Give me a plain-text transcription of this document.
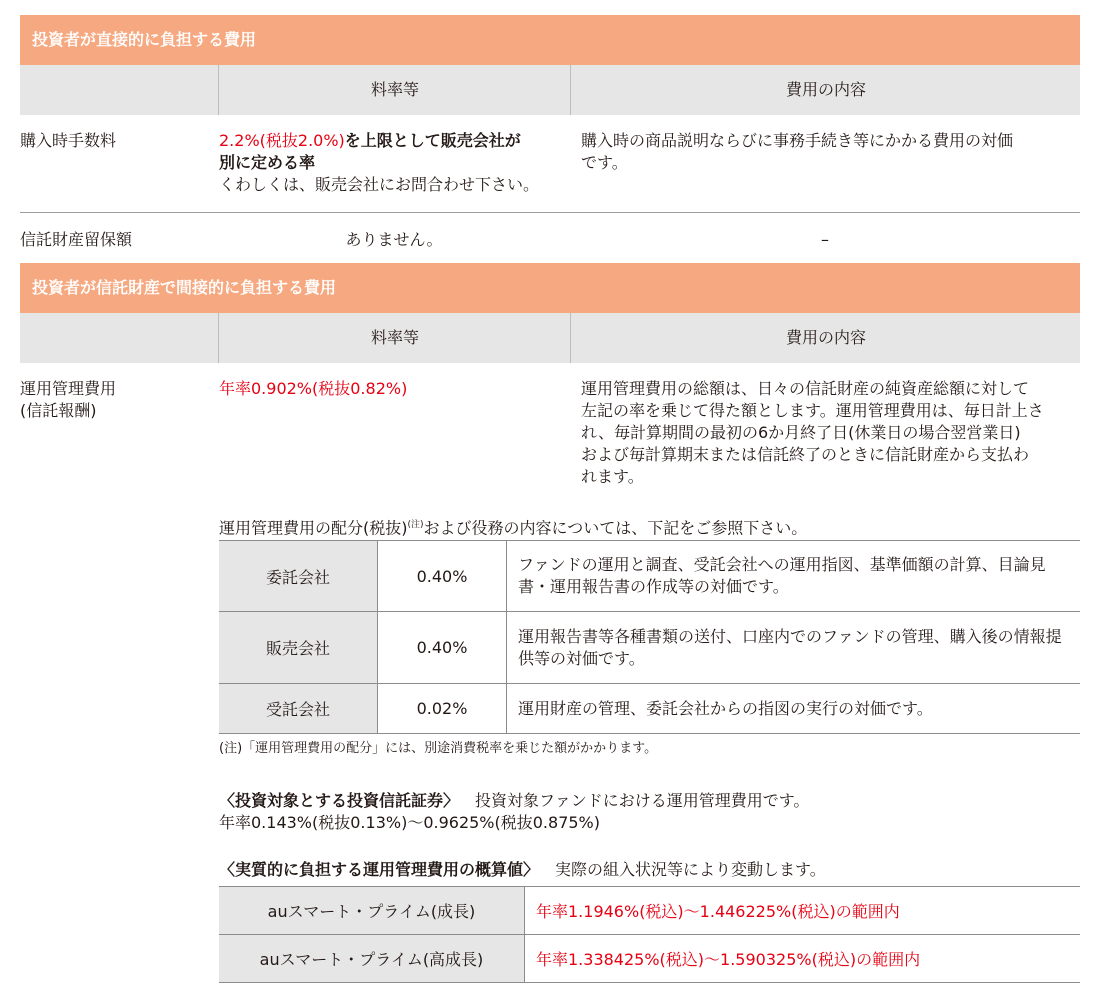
投資者が直接的に負担する費用
料率等	費用の内容
購入時手数料	2.2%(税抜2.0%)を上限として販売会社が
別に定める率
くわしくは、販売会社にお問合わせ下さい。
購入時の商品説明ならびに事務手続き等にかかる費用の対価
です。
信託財産留保額	ありません。	–
投資者が信託財産で間接的に負担する費用
料率等	費用の内容
運用管理費用
(信託報酬)
年率0.902%(税抜0.82%)	運用管理費用の総額は、日々の信託財産の純資産総額に対して
左記の率を乗じて得た額とします。運用管理費用は、毎日計上さ
れ、毎計算期間の最初の6か月終了日(休業日の場合翌営業日)
および毎計算期末または信託終了のときに信託財産から支払わ
れます。
運用管理費用の配分(税抜)$^{(注)}$および役務の内容については、下記をご参照下さい。
委託会社	0.40%	ファンドの運用と調査、受託会社への運用指図、基準価額の計算、目論見
書・運用報告書の作成等の対価です。

販売会社	0.40%	運用報告書等各種書類の送付、口座内でのファンドの管理、購入後の情報提
供等の対価です。

受託会社	0.02%	運用財産の管理、委託会社からの指図の実行の対価です。
(注)「運用管理費用の配分」には、別途消費税率を乗じた額がかかります。
〈投資対象とする投資信託証券〉 投資対象ファンドにおける運用管理費用です。
年率0.143%(税抜0.13%)〜0.9625%(税抜0.875%)
〈実質的に負担する運用管理費用の概算値〉 実際の組入状況等により変動します。
auスマート・プライム(成長)	年率1.1946%(税込)〜1.446225%(税込)の範囲内
auスマート・プライム(高成長)	年率1.338425%(税込)〜1.590325%(税込)の範囲内
